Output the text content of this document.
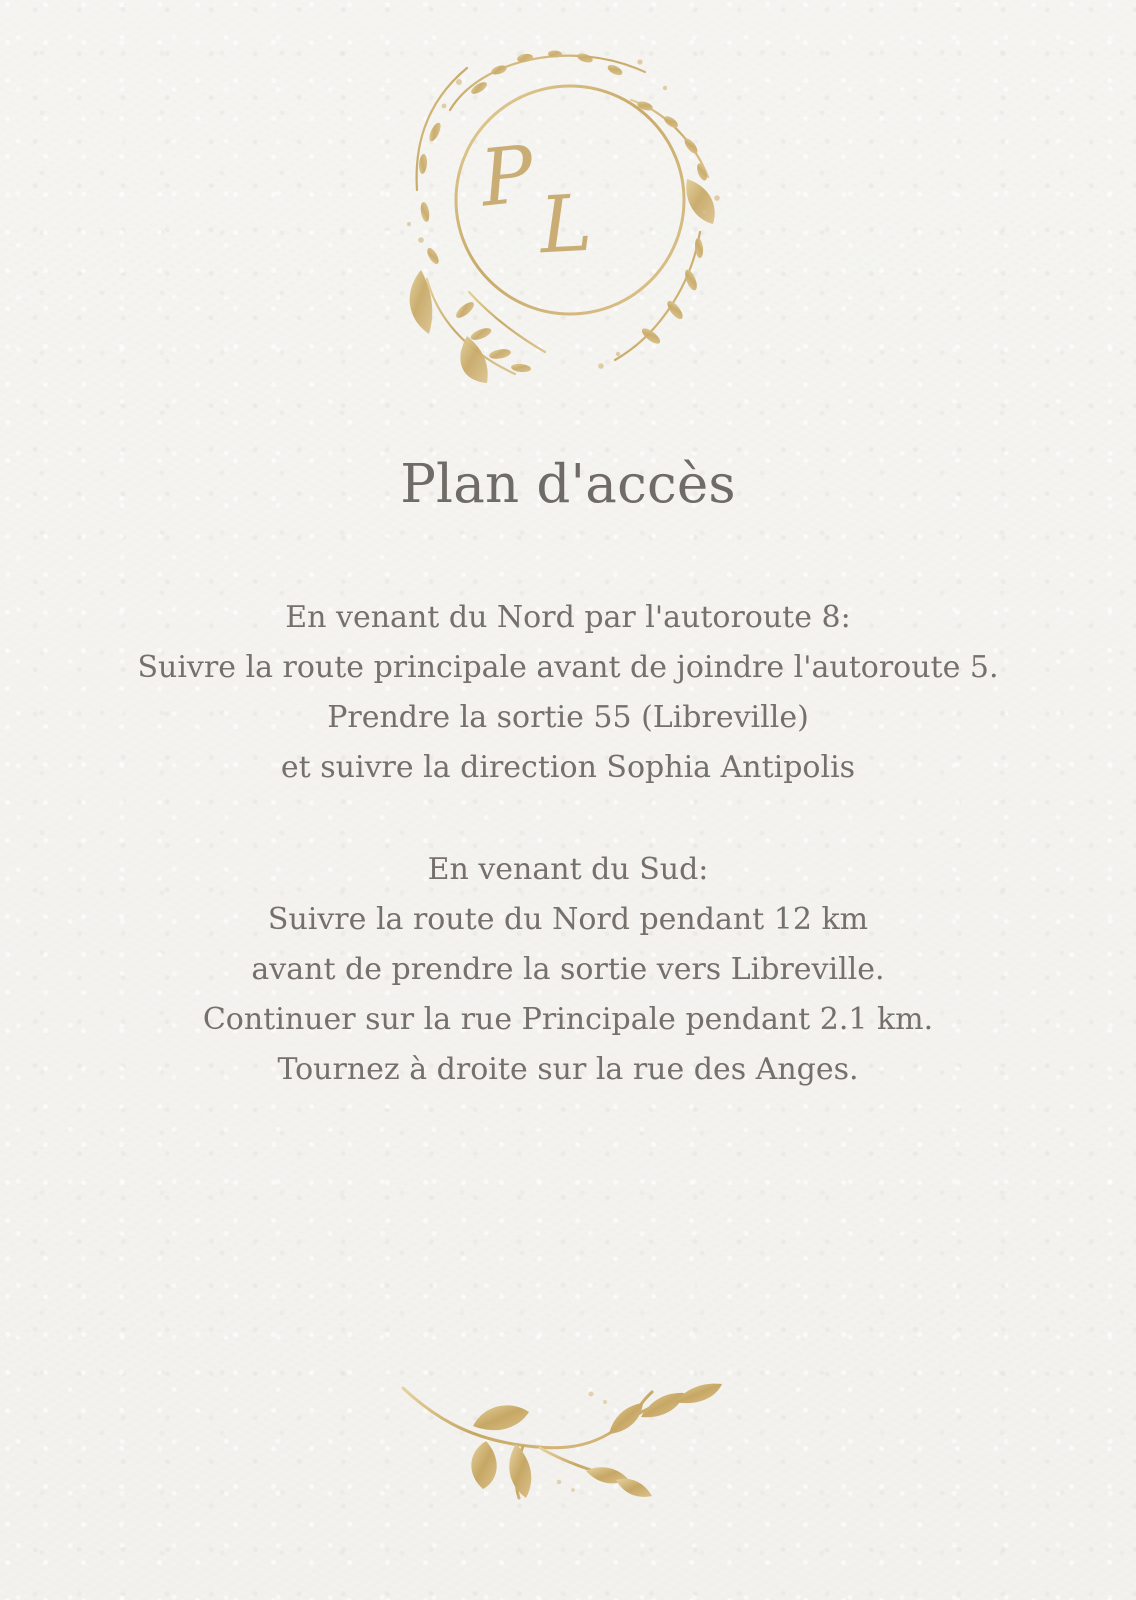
P
L
Plan d'accès
En venant du Nord par l'autoroute 8:
Suivre la route principale avant de joindre l'autoroute 5.
Prendre la sortie 55 (Libreville)
et suivre la direction Sophia Antipolis
En venant du Sud:
Suivre la route du Nord pendant 12 km
avant de prendre la sortie vers Libreville.
Continuer sur la rue Principale pendant 2.1 km.
Tournez à droite sur la rue des Anges.
